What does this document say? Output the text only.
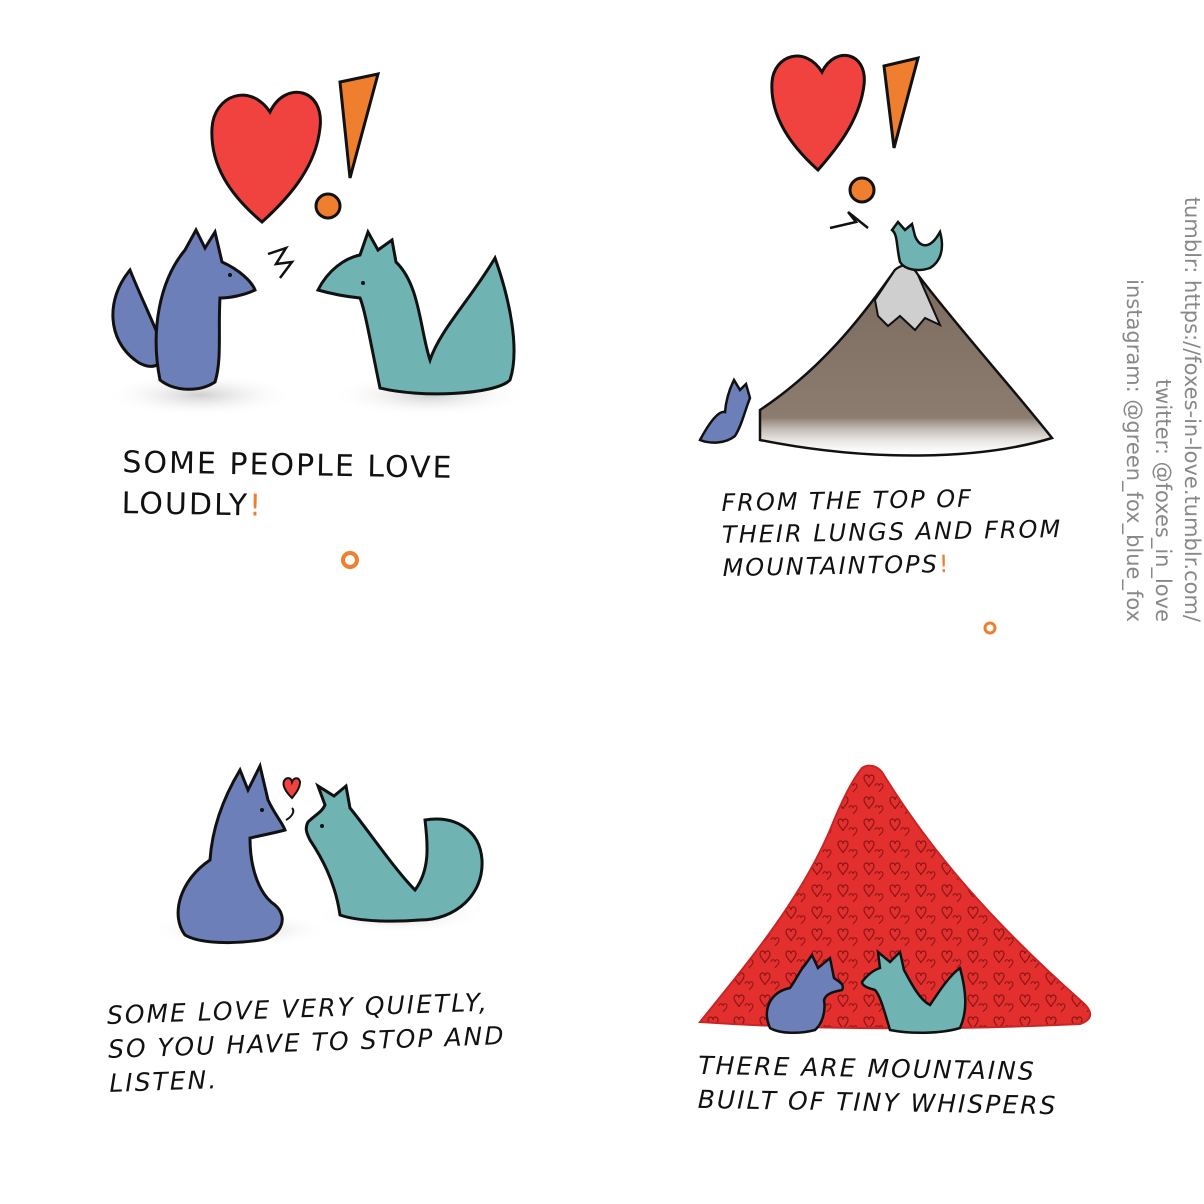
SOME PEOPLE LOVE
LOUDLY!	FROM THE TOP OF
THEIR LUNGS AND FROM
MOUNTAINTOPS!
SOME LOVE VERY QUIETLY,
SO YOU HAVE TO STOP AND
LISTEN.	THERE ARE MOUNTAINS
BUILT OF TINY WHISPERS
tumblr: https://foxes-in-love.tumblr.com/
twitter: @foxes_in_love
instagram: @green_fox_blue_fox
